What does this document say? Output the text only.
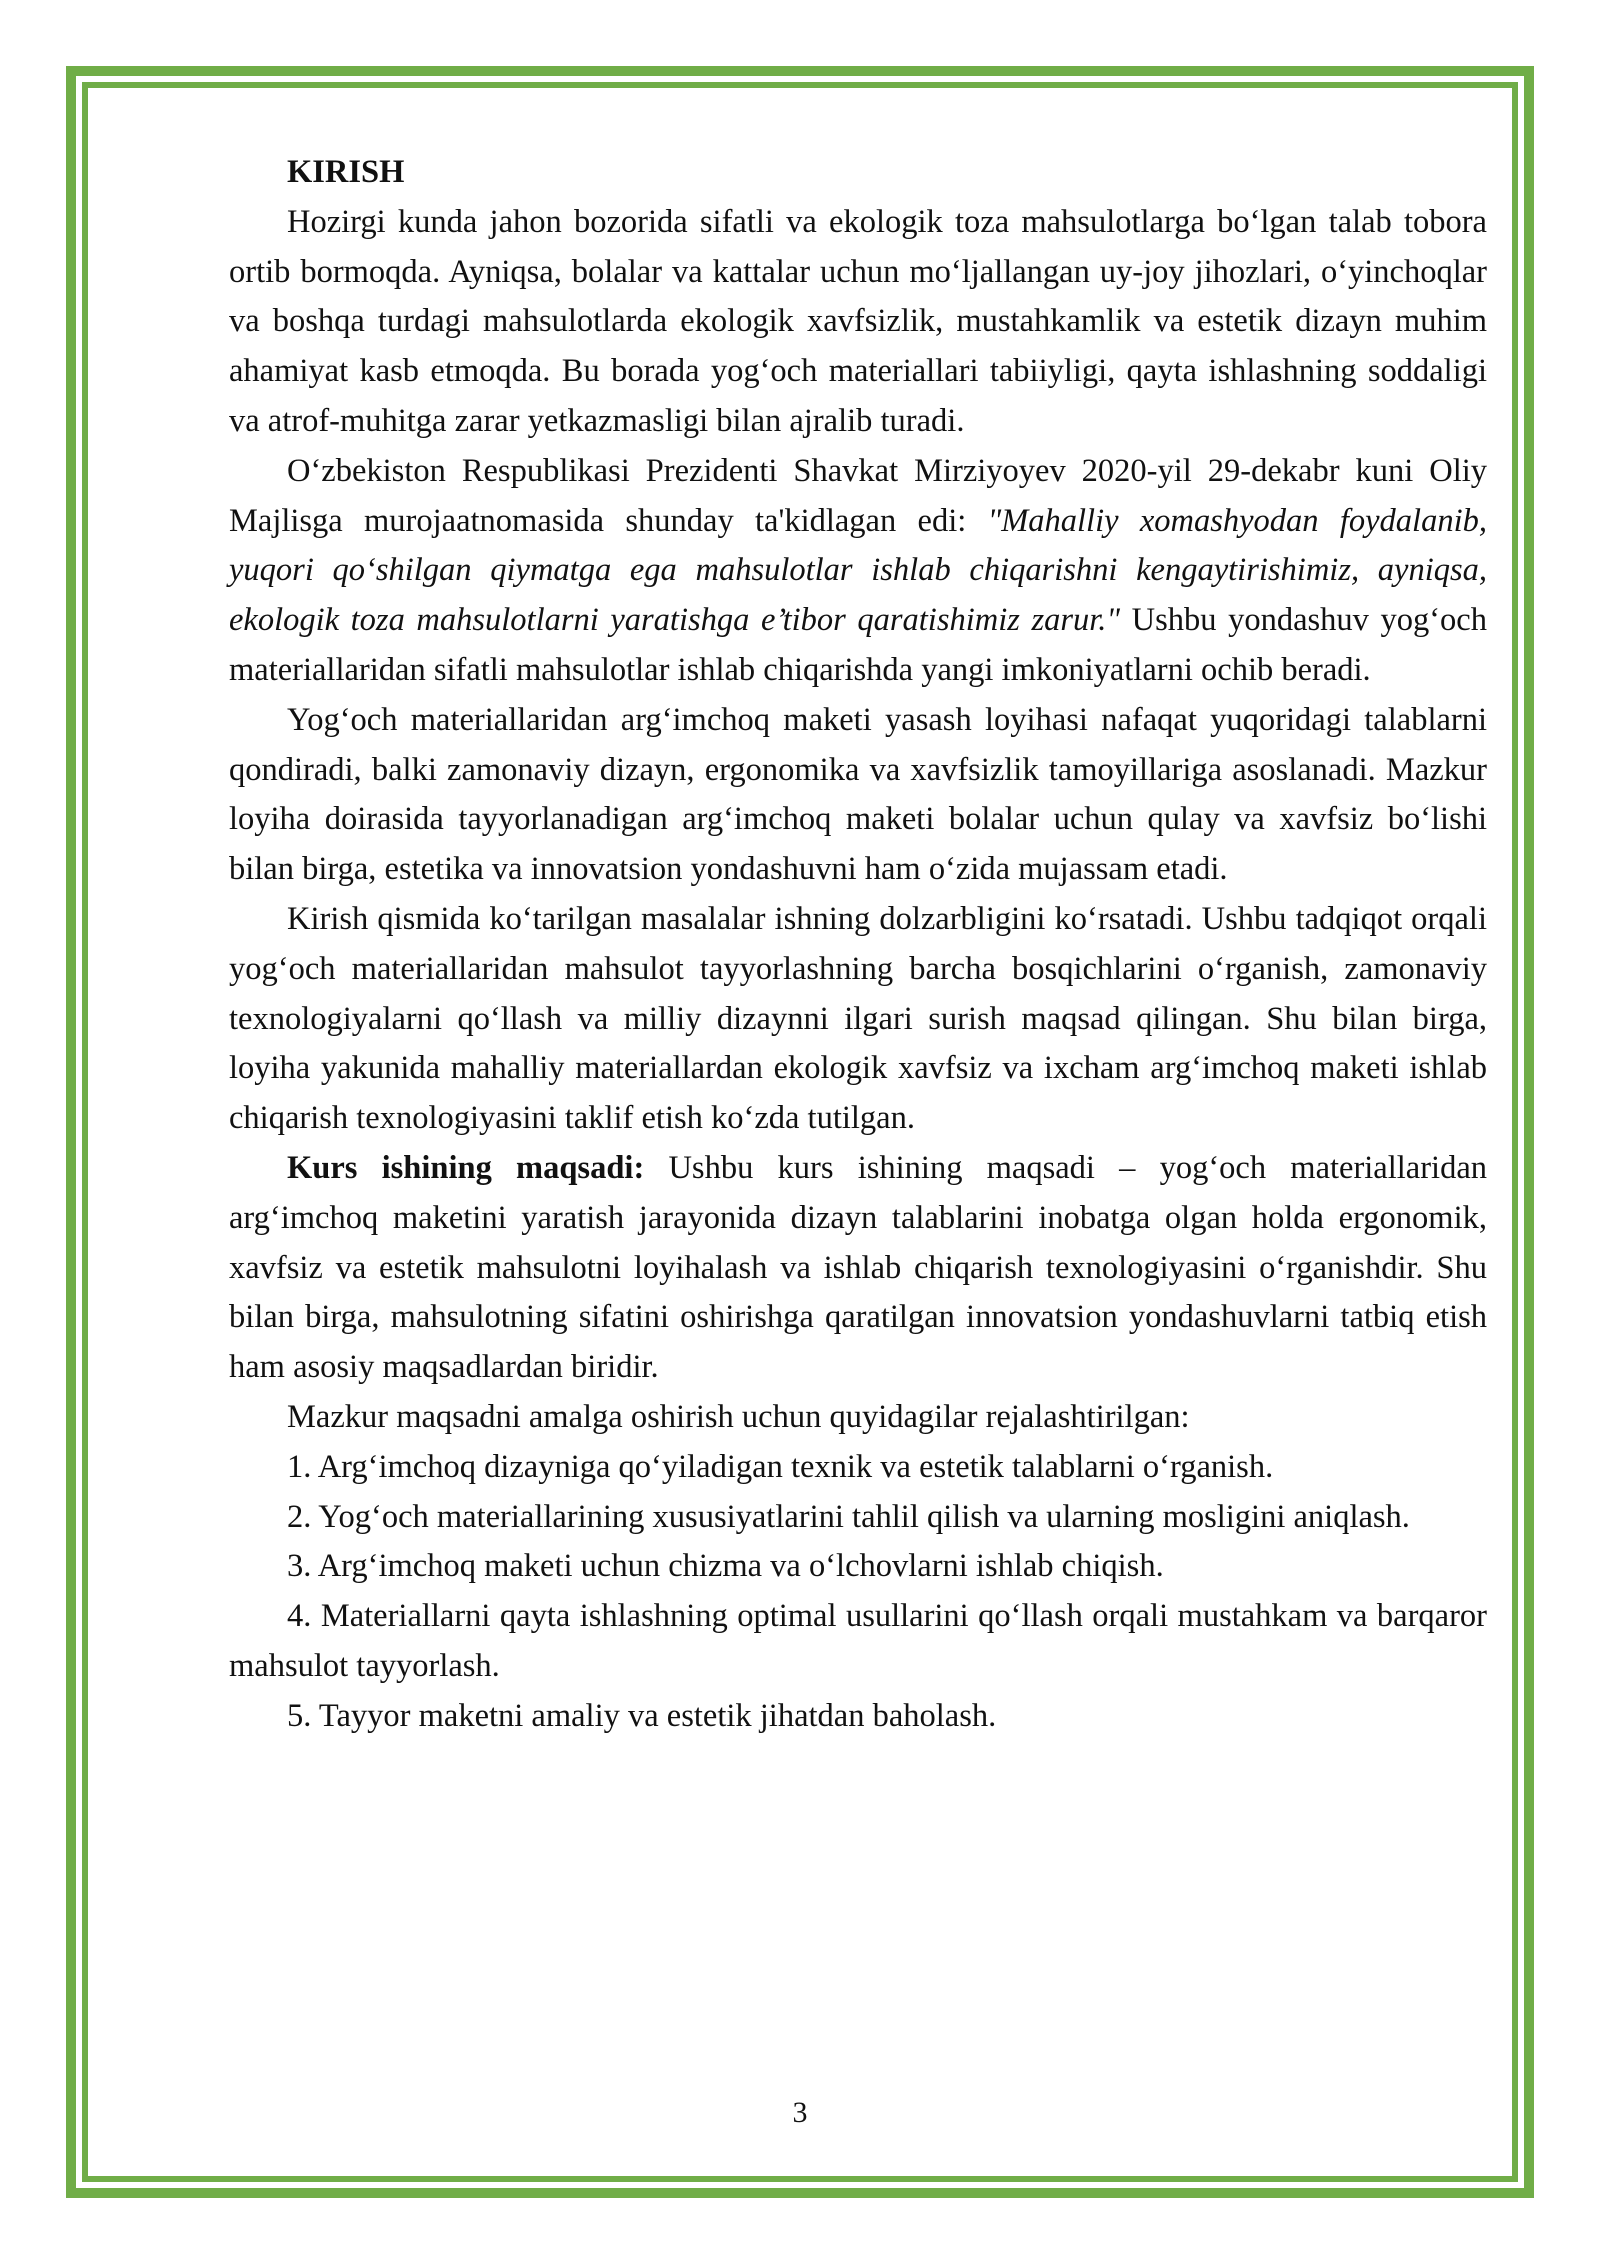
KIRISH

Hozirgi kunda jahon bozorida sifatli va ekologik toza mahsulotlarga bo‘lgan talab tobora ortib bormoqda. Ayniqsa, bolalar va kattalar uchun mo‘ljallangan uy-joy jihozlari, o‘yinchoqlar va boshqa turdagi mahsulotlarda ekologik xavfsizlik, mustahkamlik va estetik dizayn muhim ahamiyat kasb etmoqda. Bu borada yog‘och materiallari tabiiyligi, qayta ishlashning soddaligi va atrof-muhitga zarar yetkazmasligi bilan ajralib turadi.

O‘zbekiston Respublikasi Prezidenti Shavkat Mirziyoyev 2020-yil 29-dekabr kuni Oliy Majlisga murojaatnomasida shunday ta'kidlagan edi: "Mahalliy xomashyodan foydalanib, yuqori qo‘shilgan qiymatga ega mahsulotlar ishlab chiqarishni kengaytirishimiz, ayniqsa, ekologik toza mahsulotlarni yaratishga e’tibor qaratishimiz zarur." Ushbu yondashuv yog‘och materiallaridan sifatli mahsulotlar ishlab chiqarishda yangi imkoniyatlarni ochib beradi.

Yog‘och materiallaridan arg‘imchoq maketi yasash loyihasi nafaqat yuqoridagi talablarni qondiradi, balki zamonaviy dizayn, ergonomika va xavfsizlik tamoyillariga asoslanadi. Mazkur loyiha doirasida tayyorlanadigan arg‘imchoq maketi bolalar uchun qulay va xavfsiz bo‘lishi bilan birga, estetika va innovatsion yondashuvni ham o‘zida mujassam etadi.

Kirish qismida ko‘tarilgan masalalar ishning dolzarbligini ko‘rsatadi. Ushbu tadqiqot orqali yog‘och materiallaridan mahsulot tayyorlashning barcha bosqichlarini o‘rganish, zamonaviy texnologiyalarni qo‘llash va milliy dizaynni ilgari surish maqsad qilingan. Shu bilan birga, loyiha yakunida mahalliy materiallardan ekologik xavfsiz va ixcham arg‘imchoq maketi ishlab chiqarish texnologiyasini taklif etish ko‘zda tutilgan.

Kurs ishining maqsadi: Ushbu kurs ishining maqsadi – yog‘och materiallaridan arg‘imchoq maketini yaratish jarayonida dizayn talablarini inobatga olgan holda ergonomik, xavfsiz va estetik mahsulotni loyihalash va ishlab chiqarish texnologiyasini o‘rganishdir. Shu bilan birga, mahsulotning sifatini oshirishga qaratilgan innovatsion yondashuvlarni tatbiq etish ham asosiy maqsadlardan biridir.

Mazkur maqsadni amalga oshirish uchun quyidagilar rejalashtirilgan:

1. Arg‘imchoq dizayniga qo‘yiladigan texnik va estetik talablarni o‘rganish.

2. Yog‘och materiallarining xususiyatlarini tahlil qilish va ularning mosligini aniqlash.

3. Arg‘imchoq maketi uchun chizma va o‘lchovlarni ishlab chiqish.

4. Materiallarni qayta ishlashning optimal usullarini qo‘llash orqali mustahkam va barqaror mahsulot tayyorlash.

5. Tayyor maketni amaliy va estetik jihatdan baholash.

3
